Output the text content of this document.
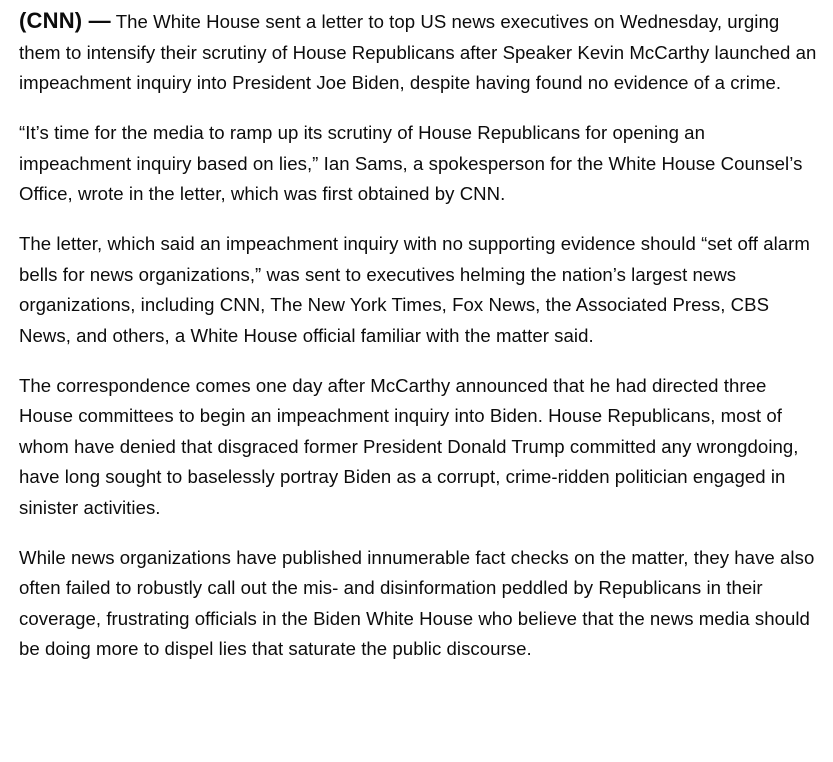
(CNN) — The White House sent a letter to top US news executives on Wednesday, urging them to intensify their scrutiny of House Republicans after Speaker Kevin McCarthy launched an impeachment inquiry into President Joe Biden, despite having found no evidence of a crime.

“It’s time for the media to ramp up its scrutiny of House Republicans for opening an impeachment inquiry based on lies,” Ian Sams, a spokesperson for the White House Counsel’s Office, wrote in the letter, which was first obtained by CNN.

The letter, which said an impeachment inquiry with no supporting evidence should “set off alarm bells for news organizations,” was sent to executives helming the nation’s largest news organizations, including CNN, The New York Times, Fox News, the Associated Press, CBS News, and others, a White House official familiar with the matter said.

The correspondence comes one day after McCarthy announced that he had directed three House committees to begin an impeachment inquiry into Biden. House Republicans, most of whom have denied that disgraced former President Donald Trump committed any wrongdoing, have long sought to baselessly portray Biden as a corrupt, crime-ridden politician engaged in sinister activities.

While news organizations have published innumerable fact checks on the matter, they have also often failed to robustly call out the mis- and disinformation peddled by Republicans in their coverage, frustrating officials in the Biden White House who believe that the news media should be doing more to dispel lies that saturate the public discourse.
